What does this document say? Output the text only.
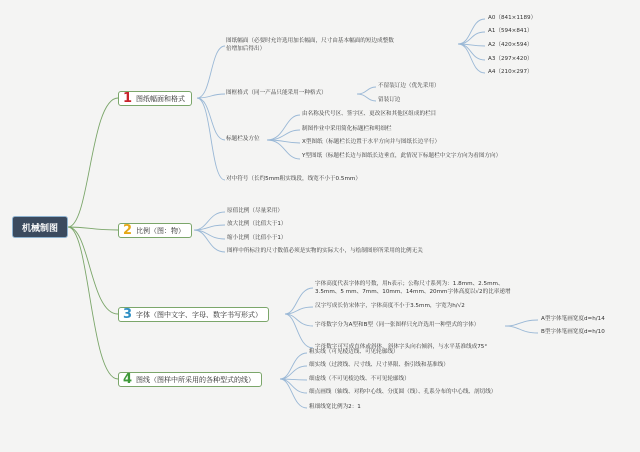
机械制图
1 图纸幅面和格式
图纸幅面（必要时允许选用加长幅面，尺寸由基本幅面的短边成整数倍增加后得出）
A0（841×1189）
A1（594×841）
A2（420×594）
A3（297×420）
A4（210×297）
图框格式（同一产品只能采用一种格式）
不留装订边（优先采用）
留装订边
标题栏及方位
由名称及代号区、签字区、更改区和其他区组成的栏目
制图作业中采用简化标题栏和明细栏
X型图纸（标题栏长边置于水平方向并与图纸长边平行）
Y型图纸（标题栏长边与图纸长边垂直，此情况下标题栏中文字方向为看图方向）
对中符号（长约5mm粗实线段，线宽不小于0.5mm）
2 比例（图：物）
原值比例（尽量采用）
放大比例（比值大于1）
缩小比例（比值小于1）
图样中所标注的尺寸数值必须是实物的实际大小，与绘制图形所采用的比例无关
3 字体（图中文字、字母、数字书写形式）
字体高度代表字体的号数，用h表示；公称尺寸系列为：1.8mm、2.5mm、3.5mm、5 mm、7mm、10mm、14mm、20mm字体高度以√2的比率递增
汉字写成长仿宋体字，字体高度不小于3.5mm，字宽为h/√2
字母数字分为A型和B型（同一张图样只允许选用一种型式的字体）
A型字体笔画宽度d=h/14
B型字体笔画宽度d=h/10
字母数字可写成直体或斜体，斜体字头向右倾斜，与水平基准线成75°
4 图线（图样中所采用的各种型式的线）
粗实线（可见棱边线、可见轮廓线）
细实线（过渡线、尺寸线、尺寸界限、指引线和基准线）
细虚线（不可见棱边线、不可见轮廓线）
细点画线（轴线、对称中心线、分度圆（线）、孔系分布的中心线、剖切线）
粗细线宽比例为2：1
